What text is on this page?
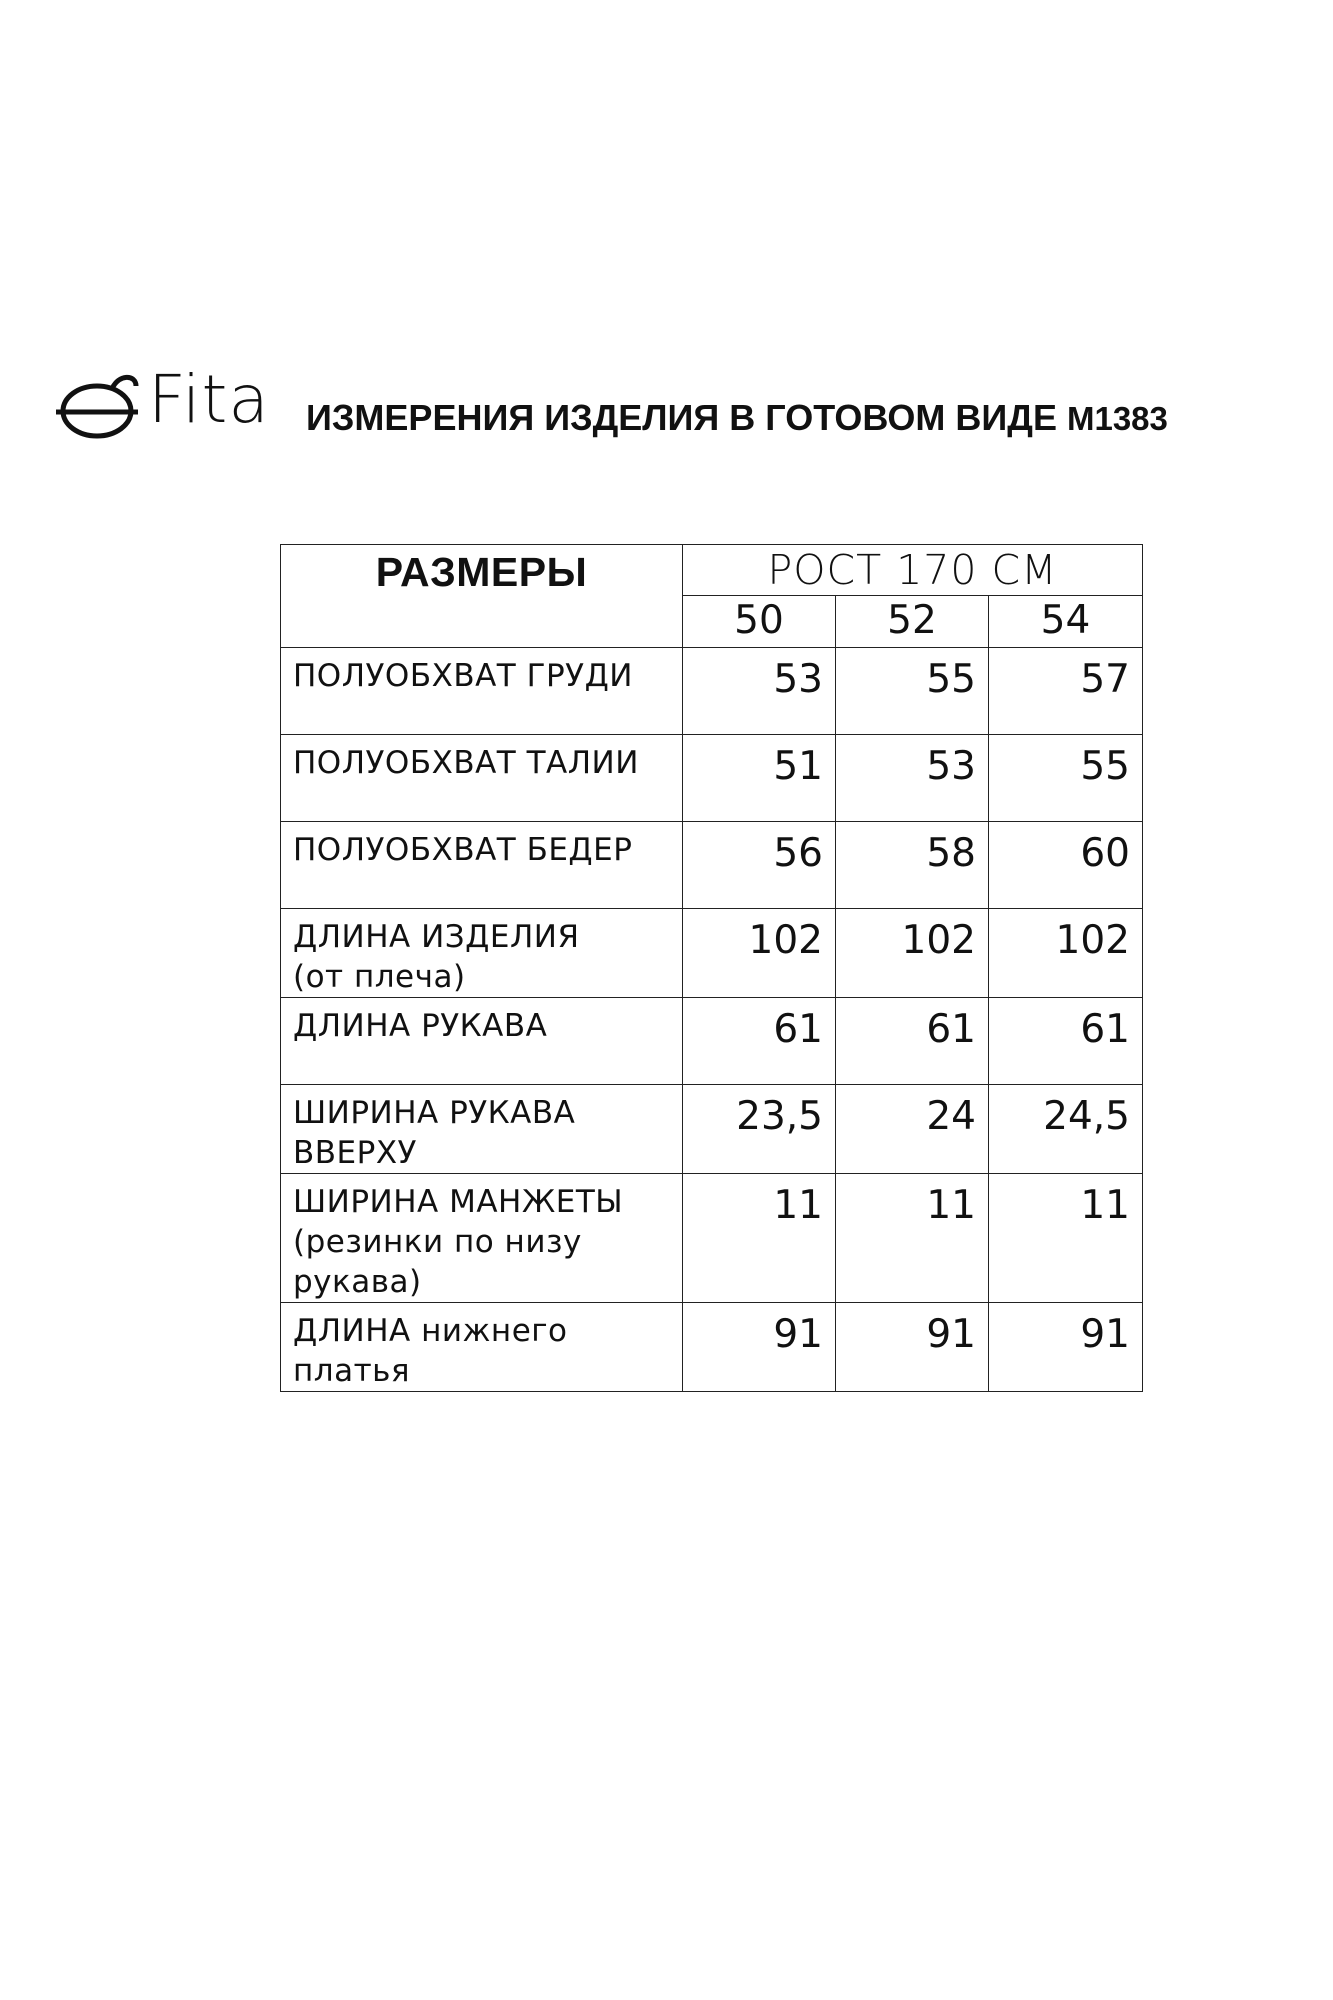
Fita ИЗМЕРЕНИЯ ИЗДЕЛИЯ В ГОТОВОМ ВИДЕ М1383
РАЗМЕРЫ	РОСТ 170 СМ		
	50	52	54
ПОЛУОБХВАТ ГРУДИ	53	55	57
ПОЛУОБХВАТ ТАЛИИ	51	53	55
ПОЛУОБХВАТ БЕДЕР	56	58	60

ДЛИНА ИЗДЕЛИЯ
(от плеча)	102	102	102
ДЛИНА РУКАВА	61	61	61

ШИРИНА РУКАВА
ВВЕРХУ	23,5	24	24,5

ШИРИНА МАНЖЕТЫ
(резинки по низу
рукава)	11	11	11

ДЛИНА нижнего
платья	91	91	91
